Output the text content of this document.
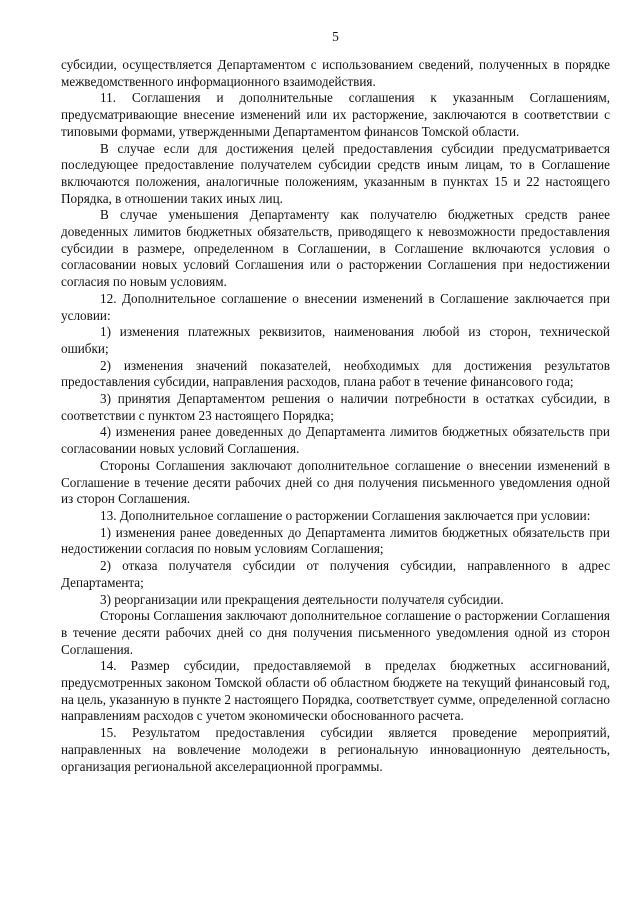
5

субсидии, осуществляется Департаментом с использованием сведений, полученных в порядке межведомственного информационного взаимодействия.

11. Соглашения и дополнительные соглашения к указанным Соглашениям, предусматривающие внесение изменений или их расторжение, заключаются в соответствии с типовыми формами, утвержденными Департаментом финансов Томской области.

В случае если для достижения целей предоставления субсидии предусматривается последующее предоставление получателем субсидии средств иным лицам, то в Соглашение включаются положения, аналогичные положениям, указанным в пунктах 15 и 22 настоящего Порядка, в отношении таких иных лиц.

В случае уменьшения Департаменту как получателю бюджетных средств ранее доведенных лимитов бюджетных обязательств, приводящего к невозможности предоставления субсидии в размере, определенном в Соглашении, в Соглашение включаются условия о согласовании новых условий Соглашения или о расторжении Соглашения при недостижении согласия по новым условиям.

12. Дополнительное соглашение о внесении изменений в Соглашение заключается при условии:

1) изменения платежных реквизитов, наименования любой из сторон, технической ошибки;

2) изменения значений показателей, необходимых для достижения результатов предоставления субсидии, направления расходов, плана работ в течение финансового года;

3) принятия Департаментом решения о наличии потребности в остатках субсидии, в соответствии с пунктом 23 настоящего Порядка;

4) изменения ранее доведенных до Департамента лимитов бюджетных обязательств при согласовании новых условий Соглашения.

Стороны Соглашения заключают дополнительное соглашение о внесении изменений в Соглашение в течение десяти рабочих дней со дня получения письменного уведомления одной из сторон Соглашения.

13. Дополнительное соглашение о расторжении Соглашения заключается при условии:

1) изменения ранее доведенных до Департамента лимитов бюджетных обязательств при недостижении согласия по новым условиям Соглашения;

2) отказа получателя субсидии от получения субсидии, направленного в адрес Департамента;

3) реорганизации или прекращения деятельности получателя субсидии.

Стороны Соглашения заключают дополнительное соглашение о расторжении Соглашения в течение десяти рабочих дней со дня получения письменного уведомления одной из сторон Соглашения.

14. Размер субсидии, предоставляемой в пределах бюджетных ассигнований, предусмотренных законом Томской области об областном бюджете на текущий финансовый год, на цель, указанную в пункте 2 настоящего Порядка, соответствует сумме, определенной согласно направлениям расходов с учетом экономически обоснованного расчета.

15. Результатом предоставления субсидии является проведение мероприятий, направленных на вовлечение молодежи в региональную инновационную деятельность, организация региональной акселерационной программы.
